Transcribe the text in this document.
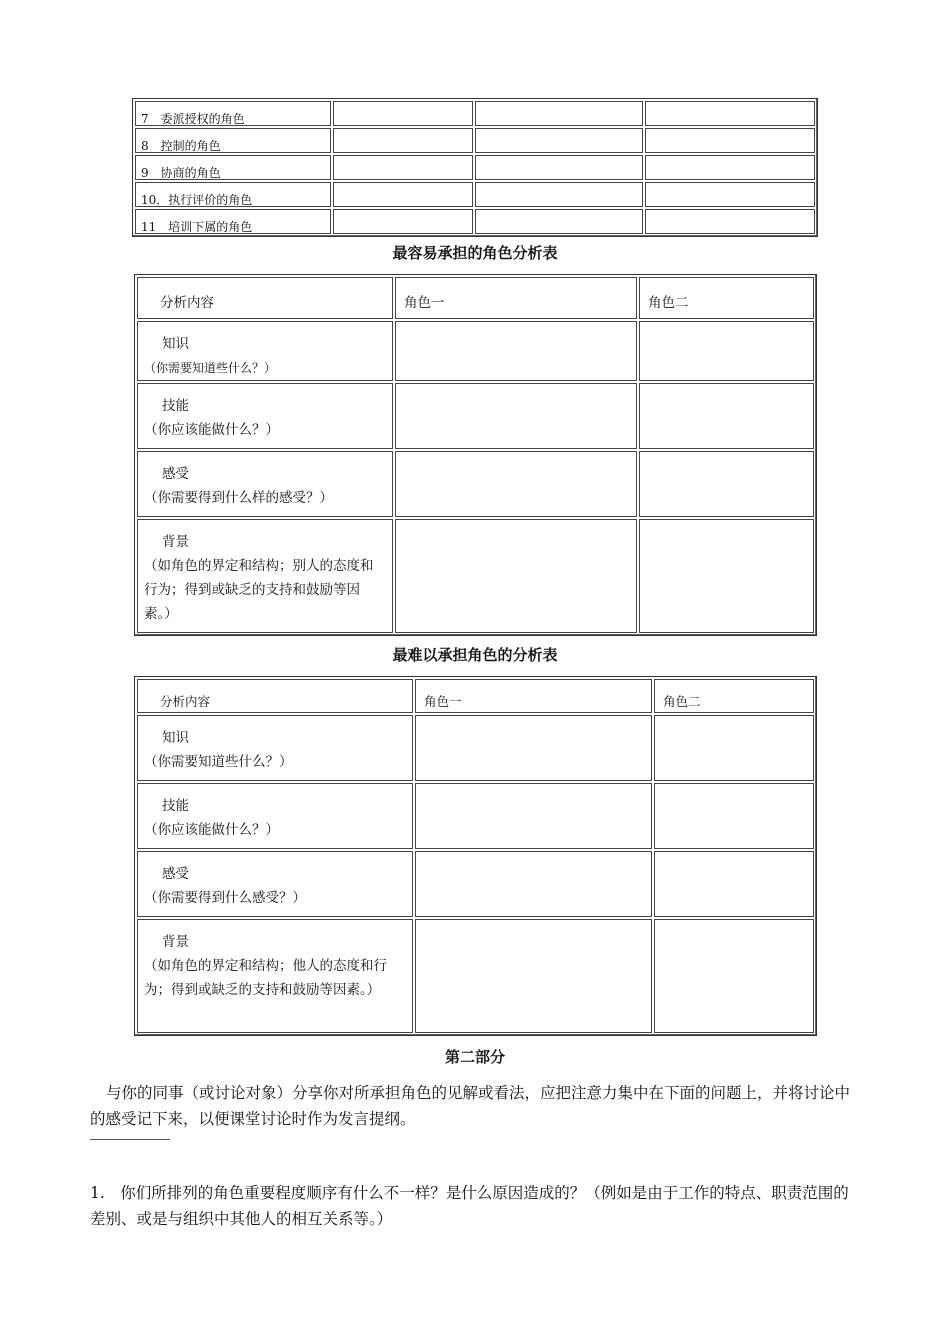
7　委派授权的角色			

8　控制的角色			

9　协商的角色			

10．执行评价的角色			

11　培训下属的角色			

最容易承担的角色分析表
分析内容	角色一	角色二

知识
（你需要知道些什么？）		

技能
（你应该能做什么？）		

感受
（你需要得到什么样的感受？）		

背景
（如角色的界定和结构；别人的态度和行为；得到或缺乏的支持和鼓励等因素。）		
最难以承担角色的分析表
分析内容	角色一	角色二

知识
（你需要知道些什么？）		

技能
（你应该能做什么？）		

感受
（你需要得到什么感受？）		

背景
（如角色的界定和结构；他人的态度和行为；得到或缺乏的支持和鼓励等因素。）		
第二部分
与你的同事（或讨论对象）分享你对所承担角色的见解或看法，应把注意力集中在下面的问题上，并将讨论中的感受记下来，以便课堂讨论时作为发言提纲。
1.　你们所排列的角色重要程度顺序有什么不一样？是什么原因造成的？（例如是由于工作的特点、职责范围的差别、或是与组织中其他人的相互关系等。）
